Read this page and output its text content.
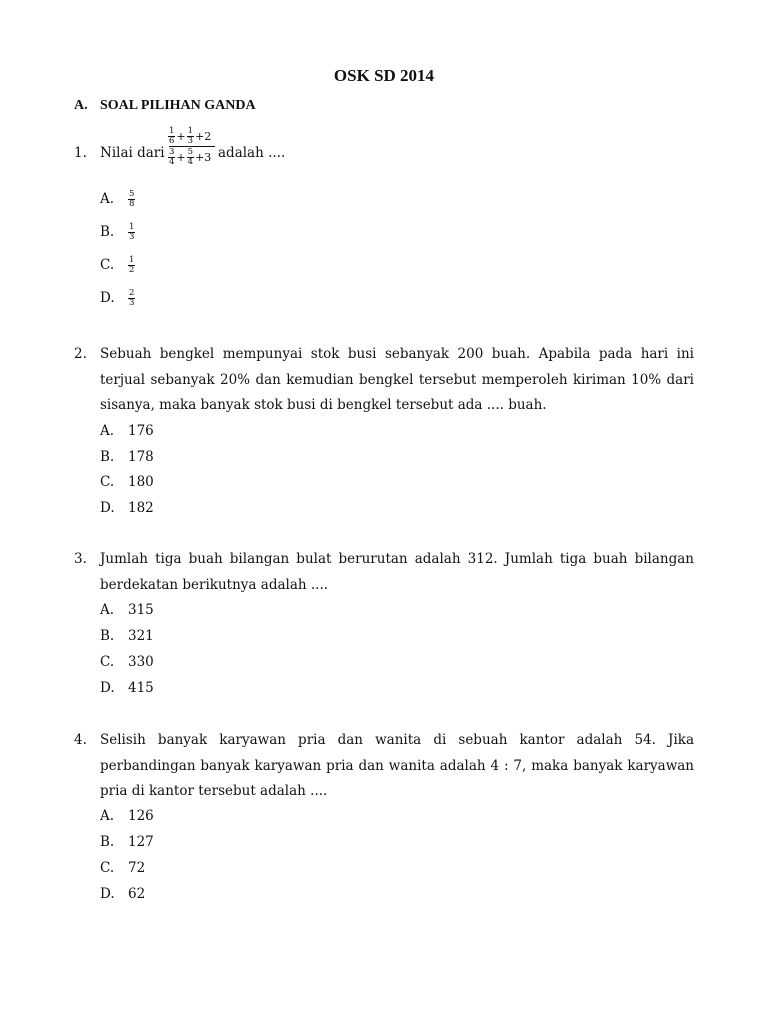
OSK SD 2014
A. SOAL PILIHAN GANDA
1. Nilai dari
$\frac{1}{6} + \frac{1}{3} +2$
$\frac{3}{4} + \frac{5}{4} +3$ adalah ....
A. $\frac{5}{8}$
B. $\frac{1}{3}$
C. $\frac{1}{2}$
D. $\frac{2}{3}$
2. Sebuah bengkel mempunyai stok busi sebanyak 200 buah. Apabila pada hari ini terjual sebanyak 20% dan kemudian bengkel tersebut memperoleh kiriman 10% dari sisanya, maka banyak stok busi di bengkel tersebut ada .... buah.
A. 176
B. 178
C. 180
D. 182
3. Jumlah tiga buah bilangan bulat berurutan adalah 312. Jumlah tiga buah bilangan berdekatan berikutnya adalah ....
A. 315
B. 321
C. 330
D. 415
4. Selisih banyak karyawan pria dan wanita di sebuah kantor adalah 54. Jika perbandingan banyak karyawan pria dan wanita adalah 4 : 7, maka banyak karyawan pria di kantor tersebut adalah ....
A. 126
B. 127
C. 72
D. 62
